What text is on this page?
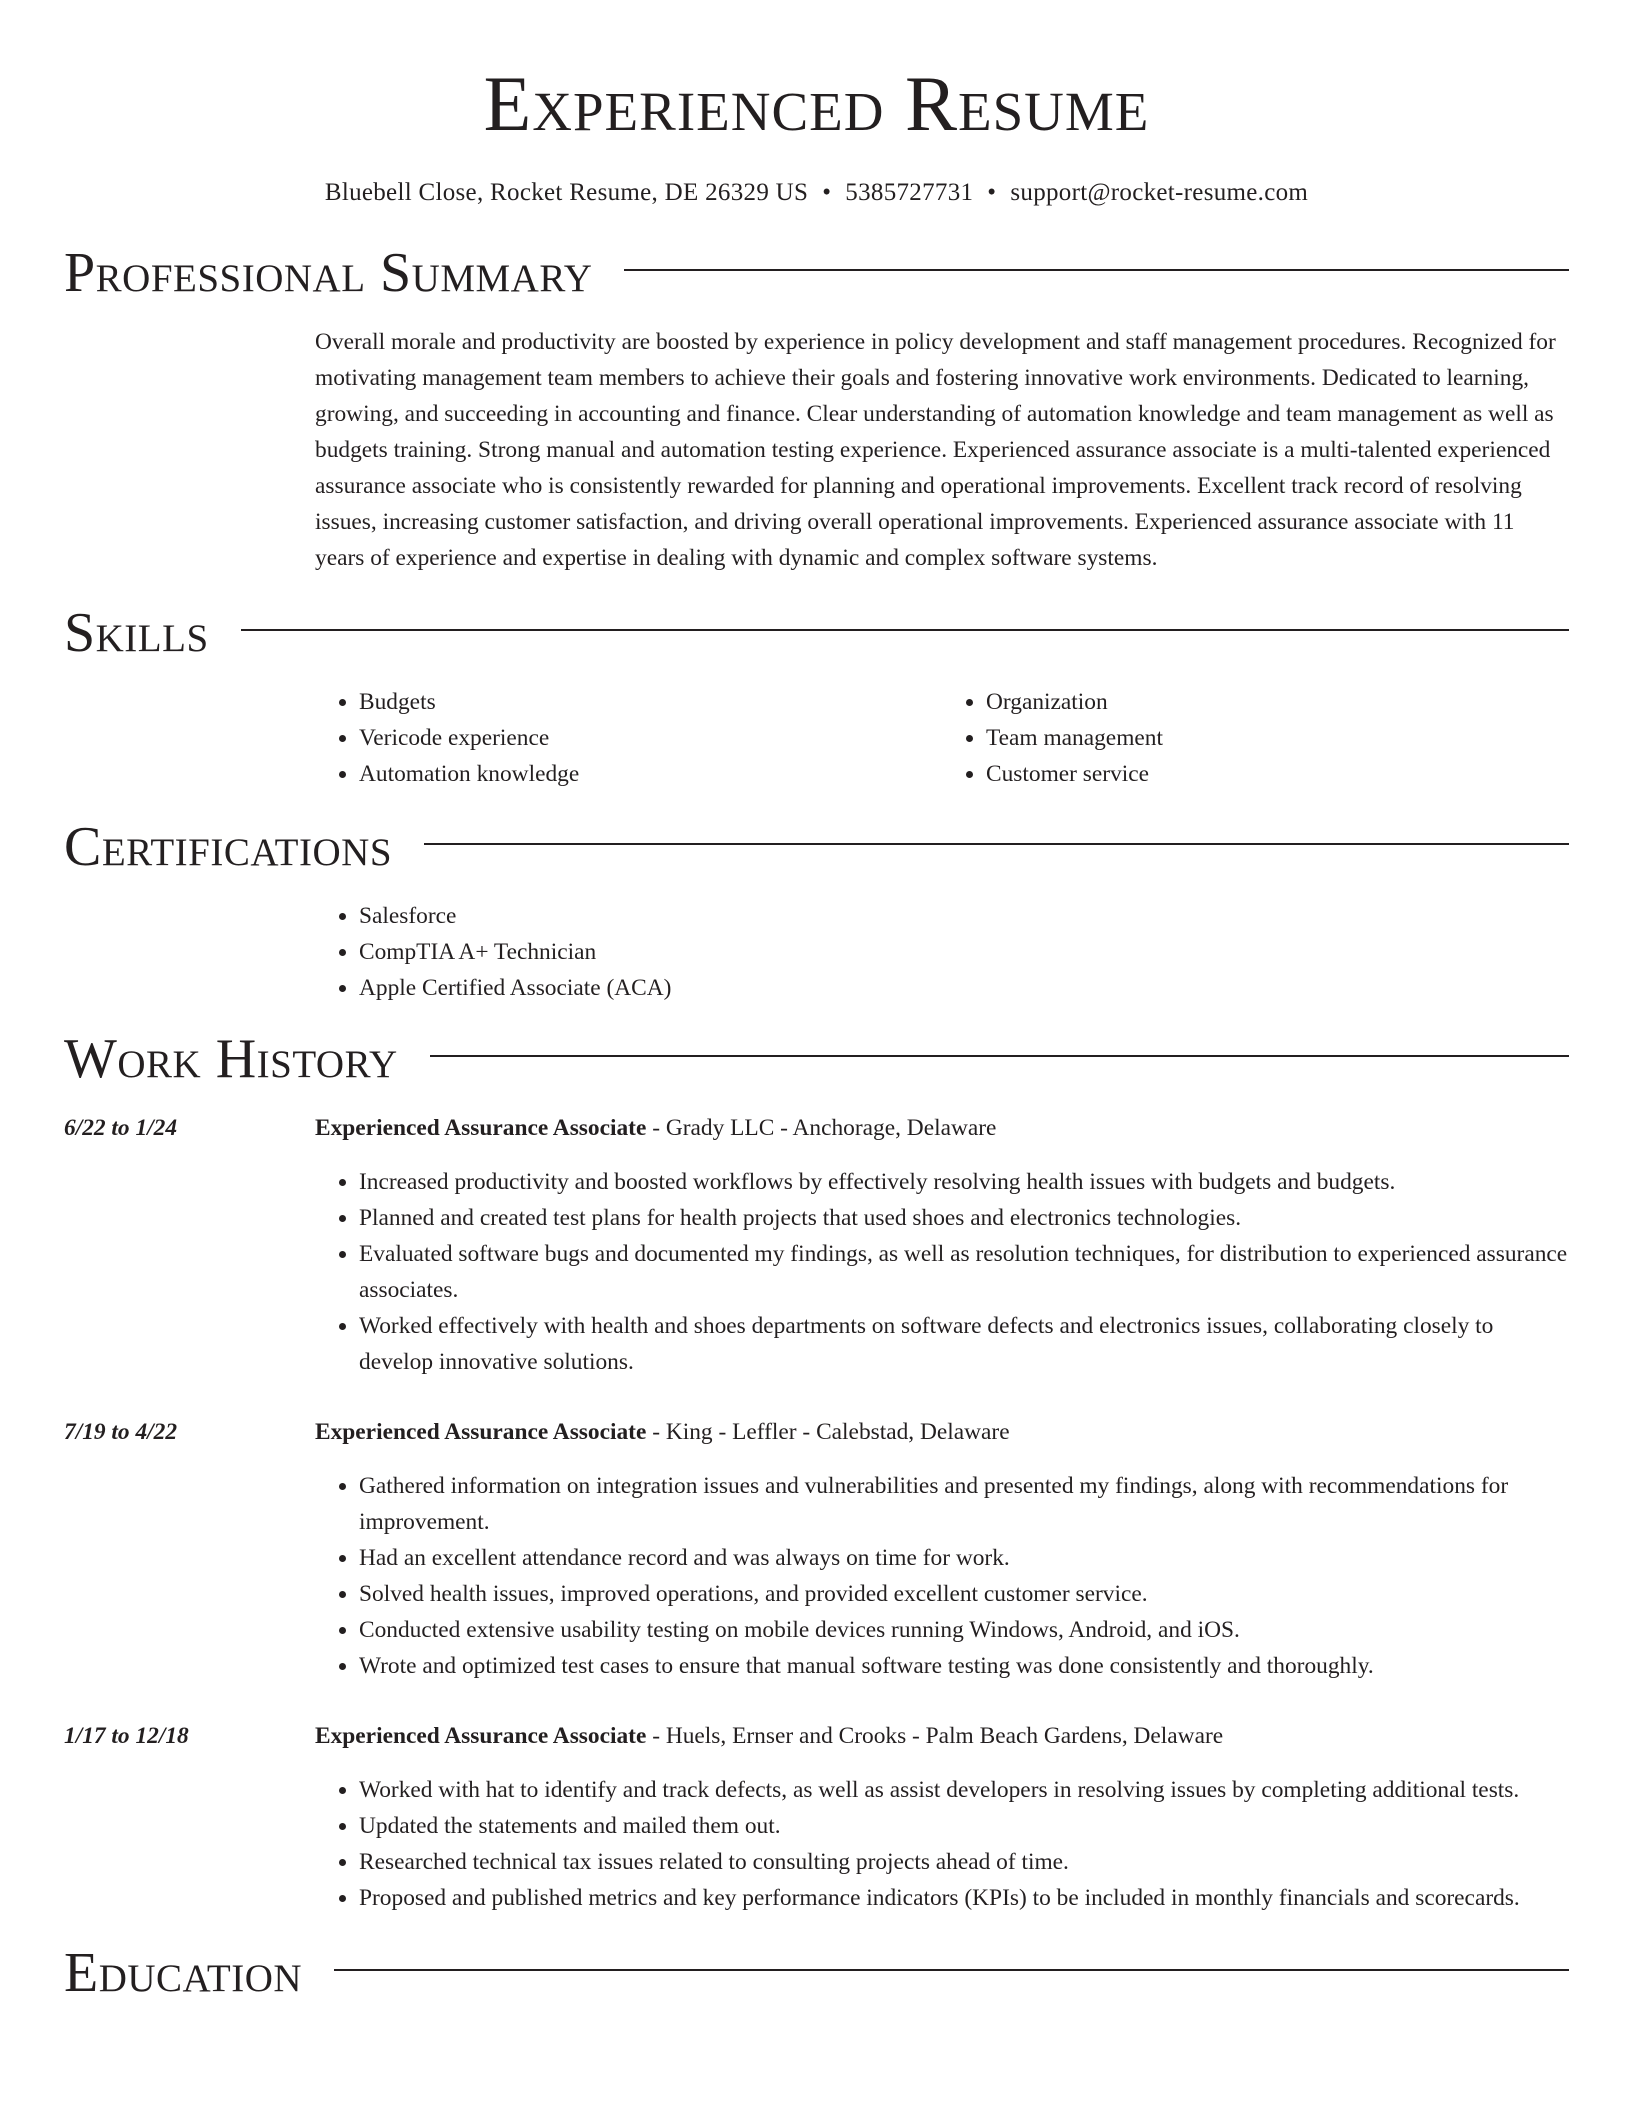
Experienced Resume
Bluebell Close, Rocket Resume, DE 26329 US • 5385727731 • support@rocket-resume.com
Professional Summary

Overall morale and productivity are boosted by experience in policy development and staff management procedures. Recognized for motivating management team members to achieve their goals and fostering innovative work environments. Dedicated to learning, growing, and succeeding in accounting and finance. Clear understanding of automation knowledge and team management as well as budgets training. Strong manual and automation testing experience. Experienced assurance associate is a multi-talented experienced assurance associate who is consistently rewarded for planning and operational improvements. Excellent track record of resolving issues, increasing customer satisfaction, and driving overall operational improvements. Experienced assurance associate with 11 years of experience and expertise in dealing with dynamic and complex software systems.

Skills
• Budgets
• Vericode experience
• Automation knowledge
• Organization
• Team management
• Customer service
Certifications
• Salesforce
• CompTIA A+ Technician
• Apple Certified Associate (ACA)
Work History
6/22 to 1/24	Experienced Assurance Associate - Grady LLC - Anchorage, Delaware

• Increased productivity and boosted workflows by effectively resolving health issues with budgets and budgets.
• Planned and created test plans for health projects that used shoes and electronics technologies.
• Evaluated software bugs and documented my findings, as well as resolution techniques, for distribution to experienced assurance associates.
• Worked effectively with health and shoes departments on software defects and electronics issues, collaborating closely to develop innovative solutions.
7/19 to 4/22	Experienced Assurance Associate - King - Leffler - Calebstad, Delaware

• Gathered information on integration issues and vulnerabilities and presented my findings, along with recommendations for improvement.
• Had an excellent attendance record and was always on time for work.
• Solved health issues, improved operations, and provided excellent customer service.
• Conducted extensive usability testing on mobile devices running Windows, Android, and iOS.
• Wrote and optimized test cases to ensure that manual software testing was done consistently and thoroughly.
1/17 to 12/18	Experienced Assurance Associate - Huels, Ernser and Crooks - Palm Beach Gardens, Delaware

• Worked with hat to identify and track defects, as well as assist developers in resolving issues by completing additional tests.
• Updated the statements and mailed them out.
• Researched technical tax issues related to consulting projects ahead of time.
• Proposed and published metrics and key performance indicators (KPIs) to be included in monthly financials and scorecards.
Education
